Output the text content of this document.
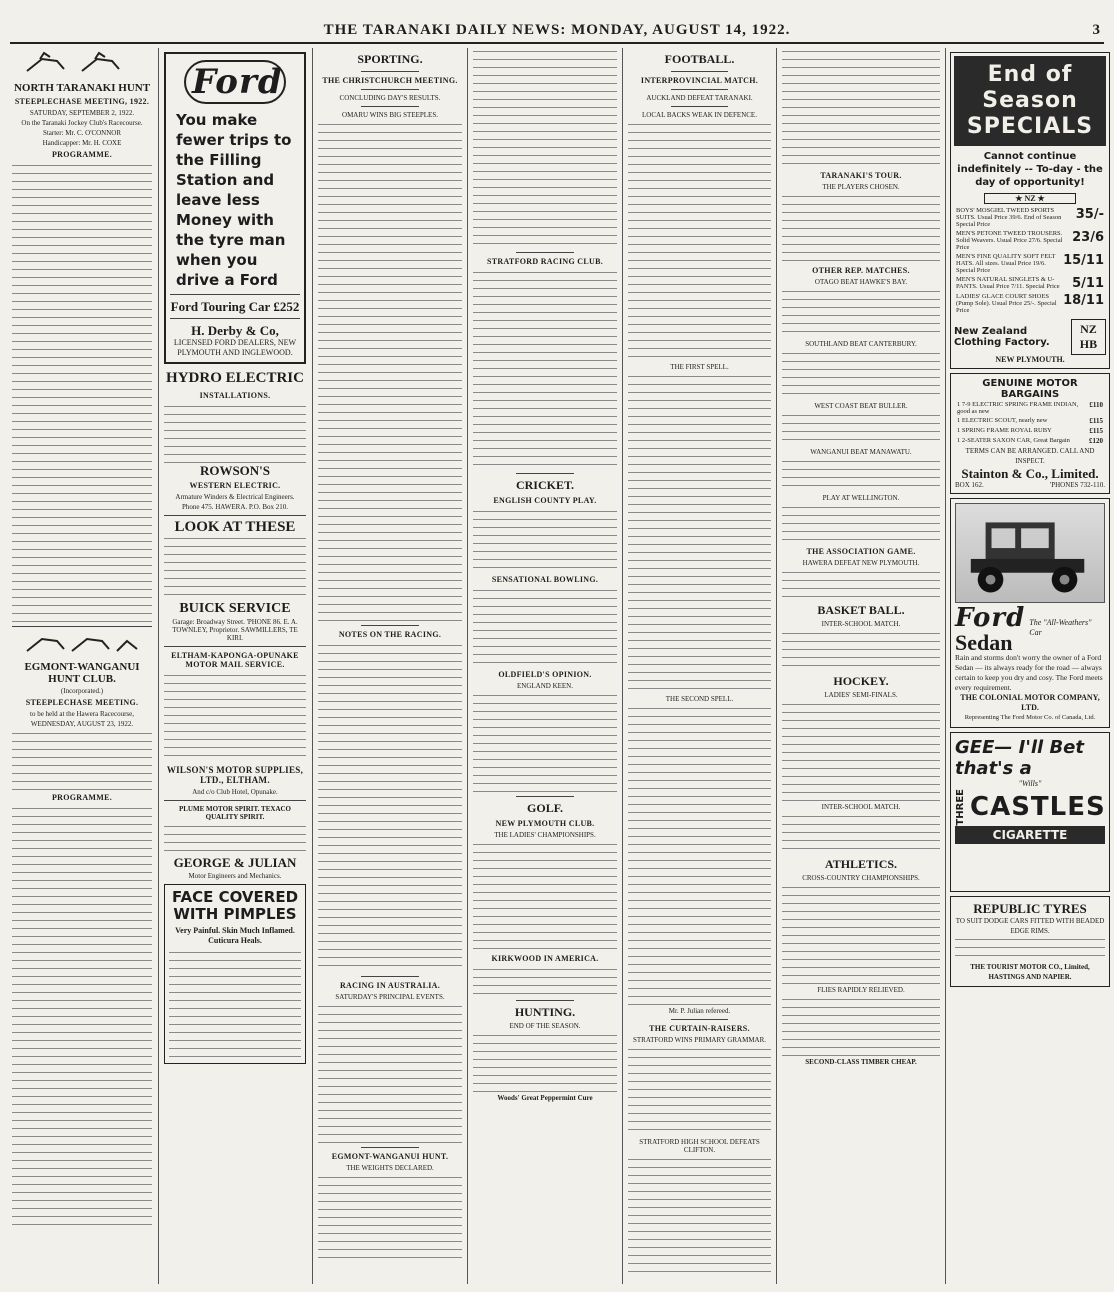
THE TARANAKI DAILY NEWS: MONDAY, AUGUST 14, 1922.	3
NORTH TARANAKI HUNT
STEEPLECHASE MEETING, 1922.
SATURDAY, SEPTEMBER 2, 1922.
On the Taranaki Jockey Club's Racecourse.
Starter: Mr. C. O'CONNOR
Handicapper: Mr. H. COXE
PROGRAMME.
EGMONT-WANGANUI HUNT CLUB.
(Incorporated.)
STEEPLECHASE MEETING.
to be held at the Hawera Racecourse,
WEDNESDAY, AUGUST 23, 1922.
PROGRAMME.
Ford
You make fewer trips to the Filling Station and leave less Money with the tyre man when you drive a Ford
Ford Touring Car £252
H. Derby & Co,
LICENSED FORD DEALERS, NEW PLYMOUTH AND INGLEWOOD.
HYDRO ELECTRIC
INSTALLATIONS.
ROWSON'S
WESTERN ELECTRIC.
Armature Winders & Electrical Engineers.
Phone 475. HAWERA. P.O. Box 210.
LOOK AT THESE
BUICK SERVICE
Garage: Broadway Street. 'PHONE 86. E. A. TOWNLEY, Proprietor. SAWMILLERS, TE KIRI.
ELTHAM-KAPONGA-OPUNAKE MOTOR MAIL SERVICE.
WILSON'S MOTOR SUPPLIES, LTD., ELTHAM.
And c/o Club Hotel, Opunake.
PLUME MOTOR SPIRIT. TEXACO QUALITY SPIRIT.
GEORGE & JULIAN
Motor Engineers and Mechanics.
FACE COVERED WITH PIMPLES
Very Painful. Skin Much Inflamed. Cuticura Heals.
SPORTING.
THE CHRISTCHURCH MEETING.
CONCLUDING DAY'S RESULTS.
OMARU WINS BIG STEEPLES.
NOTES ON THE RACING.
RACING IN AUSTRALIA.
SATURDAY'S PRINCIPAL EVENTS.
EGMONT-WANGANUI HUNT.
THE WEIGHTS DECLARED.
STRATFORD RACING CLUB.
CRICKET.
ENGLISH COUNTY PLAY.
SENSATIONAL BOWLING.
OLDFIELD'S OPINION.
ENGLAND KEEN.
GOLF.
NEW PLYMOUTH CLUB.
THE LADIES' CHAMPIONSHIPS.
KIRKWOOD IN AMERICA.
HUNTING.
END OF THE SEASON.
Woods' Great Peppermint Cure
FOOTBALL.
INTERPROVINCIAL MATCH.
AUCKLAND DEFEAT TARANAKI.
LOCAL BACKS WEAK IN DEFENCE.
THE FIRST SPELL.
THE SECOND SPELL.
Mr. P. Julian refereed.
THE CURTAIN-RAISERS.
STRATFORD WINS PRIMARY GRAMMAR.
STRATFORD HIGH SCHOOL DEFEATS CLIFTON.
TARANAKI'S TOUR.
THE PLAYERS CHOSEN.
OTHER REP. MATCHES.
OTAGO BEAT HAWKE'S BAY.
SOUTHLAND BEAT CANTERBURY.
WEST COAST BEAT BULLER.
WANGANUI BEAT MANAWATU.
PLAY AT WELLINGTON.
THE ASSOCIATION GAME.
HAWERA DEFEAT NEW PLYMOUTH.
BASKET BALL.
INTER-SCHOOL MATCH.
HOCKEY.
LADIES' SEMI-FINALS.
INTER-SCHOOL MATCH.
ATHLETICS.
CROSS-COUNTRY CHAMPIONSHIPS.
FLIES RAPIDLY RELIEVED.
SECOND-CLASS TIMBER CHEAP.
End of Season SPECIALS
Cannot continue indefinitely -- To-day - the day of opportunity!
★ NZ ★
BOYS' MOSGIEL TWEED SPORTS SUITS. Usual Price 39/6. End of Season Special Price
35/-
MEN'S PETONE TWEED TROUSERS. Solid Weavers. Usual Price 27/6. Special Price
23/6
MEN'S FINE QUALITY SOFT FELT HATS. All sizes. Usual Price 19/6. Special Price
15/11
MEN'S NATURAL SINGLETS & U-PANTS. Usual Price 7/11. Special Price 5/11
LADIES' GLACE COURT SHOES (Pump Sole). Usual Price 25/-. Special Price
18/11
New Zealand Clothing Factory.
NZ HB
NEW PLYMOUTH.
GENUINE MOTOR BARGAINS
1 7-9 ELECTRIC SPRING FRAME INDIAN, good as new
£110
1 ELECTRIC SCOUT, nearly new	£115
1 SPRING FRAME ROYAL RUBY	£115
1 2-SEATER SAXON CAR, Great Bargain	£120
TERMS CAN BE ARRANGED. CALL AND INSPECT.
Stainton & Co., Limited.
BOX 162.	'PHONES 732-110.
Ford
Sedan
The "All-Weathers" Car
Rain and storms don't worry the owner of a Ford Sedan — its always ready for the road — always certain to keep you dry and cosy. The Ford meets every requirement.
THE COLONIAL MOTOR COMPANY, LTD.
Representing The Ford Motor Co. of Canada, Ltd.
GEE— I'll Bet that's a
"Wills"
THREE CASTLES
CIGARETTE
REPUBLIC TYRES
TO SUIT DODGE CARS FITTED WITH BEADED EDGE RIMS.
THE TOURIST MOTOR CO., Limited, HASTINGS AND NAPIER.
